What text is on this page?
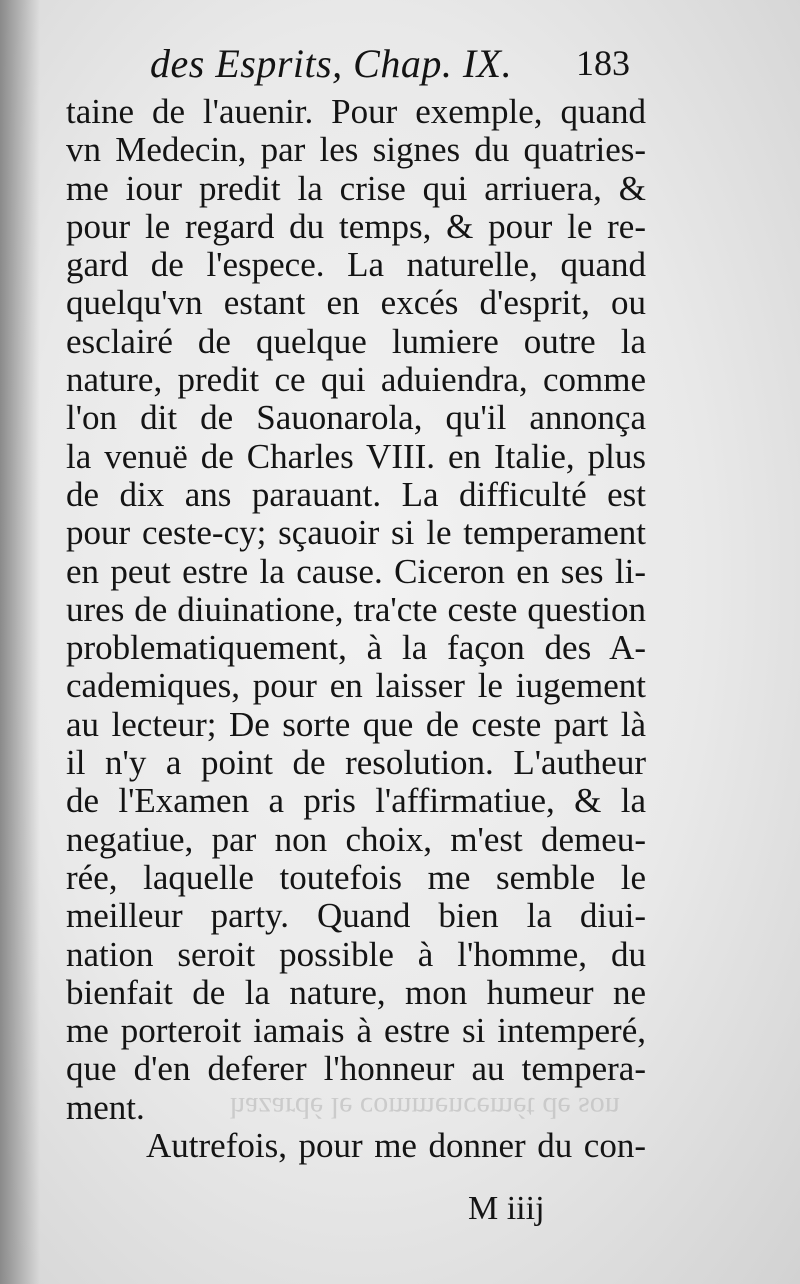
des Esprits, Chap. IX. 183
hazardé le commencemét de son
taine de l'auenir. Pour exemple, quand
vn Medecin, par les signes du quatries-
me iour predit la crise qui arriuera, &
pour le regard du temps, & pour le re-
gard de l'espece. La naturelle, quand
quelqu'vn estant en excés d'esprit, ou
esclairé de quelque lumiere outre la
nature, predit ce qui aduiendra, comme
l'on dit de Sauonarola, qu'il annonça
la venuë de Charles VIII. en Italie, plus
de dix ans parauant. La difficulté est
pour ceste-cy; sçauoir si le temperament
en peut estre la cause. Ciceron en ses li-
ures de diuinatione, tra'cte ceste question
problematiquement, à la façon des A-
cademiques, pour en laisser le iugement
au lecteur; De sorte que de ceste part là
il n'y a point de resolution. L'autheur
de l'Examen a pris l'affirmatiue, & la
negatiue, par non choix, m'est demeu-
rée, laquelle toutefois me semble le
meilleur party. Quand bien la diui-
nation seroit possible à l'homme, du
bienfait de la nature, mon humeur ne
me porteroit iamais à estre si intemperé,
que d'en deferer l'honneur au tempera-
ment.
Autrefois, pour me donner du con-
M iiij
